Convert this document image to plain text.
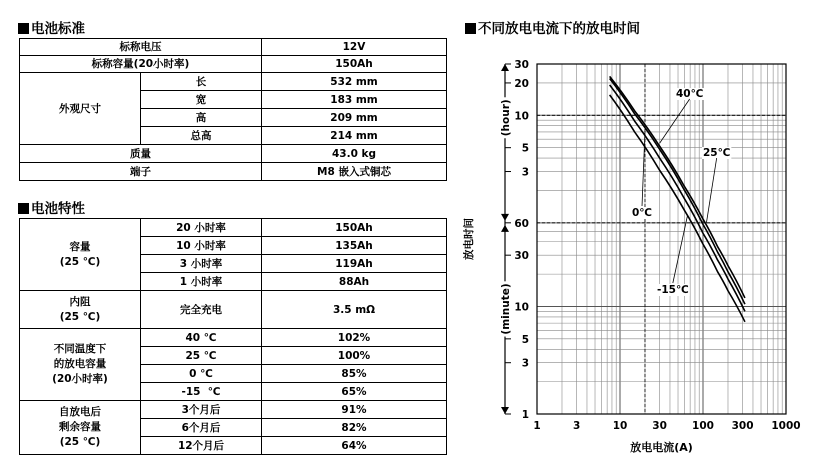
电池标准
标称电压		12V
标称容量(20小时率)		150Ah
外观尺寸	长	532 mm
	宽	183 mm
	高	209 mm
	总高	214 mm
质量		43.0 kg
端子		M8 嵌入式铜芯
电池特性
容量
(25 ℃)	20 小时率	150Ah
	10 小时率	135Ah
	3 小时率	119Ah
	1 小时率	88Ah

内阻
(25 ℃)	完全充电	3.5 mΩ

不同温度下
的放电容量
(20小时率)	40 ℃	102%
	25 ℃	100%
	0 ℃	85%
	-15  ℃	65%

自放电后
剩余容量
(25 ℃)	3个月后	91%
	6个月后	82%
	12个月后	64%
不同放电电流下的放电时间
1	3	10 30 100 300 1000
放电电流(A)
30
20
10
5
3
60
30
10
5
3
1
(hour)
(minute)
放电时间
40℃
25℃
0℃
-15℃
